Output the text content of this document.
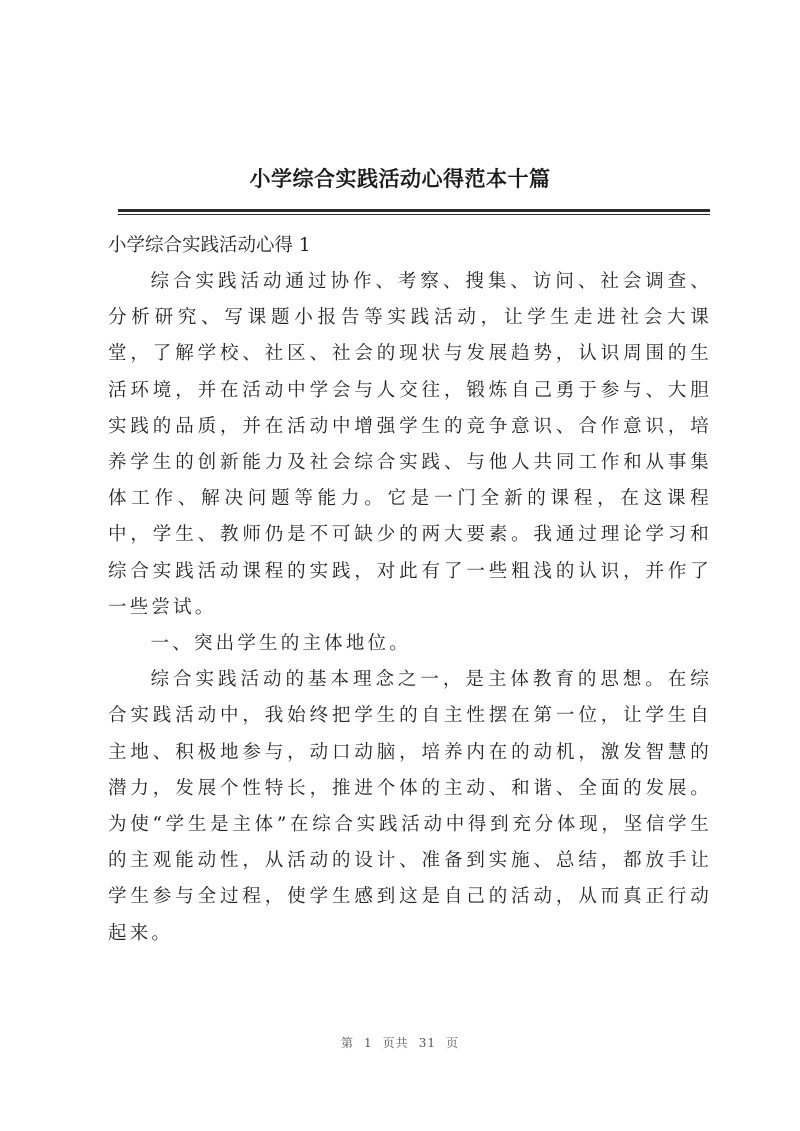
小学综合实践活动心得范本十篇
小学综合实践活动心得 1

综合实践活动通过协作、考察、搜集、访问、社会调查、分析研究、写课题小报告等实践活动，让学生走进社会大课堂，了解学校、社区、社会的现状与发展趋势，认识周围的生活环境，并在活动中学会与人交往，锻炼自己勇于参与、大胆实践的品质，并在活动中增强学生的竞争意识、合作意识，培养学生的创新能力及社会综合实践、与他人共同工作和从事集体工作、解决问题等能力。它是一门全新的课程，在这课程中，学生、教师仍是不可缺少的两大要素。我通过理论学习和综合实践活动课程的实践，对此有了一些粗浅的认识，并作了一些尝试。

一、突出学生的主体地位。

综合实践活动的基本理念之一，是主体教育的思想。在综合实践活动中，我始终把学生的自主性摆在第一位，让学生自主地、积极地参与，动口动脑，培养内在的动机，激发智慧的潜力，发展个性特长，推进个体的主动、和谐、全面的发展。为使“学生是主体”在综合实践活动中得到充分体现，坚信学生的主观能动性，从活动的设计、准备到实施、总结，都放手让学生参与全过程，使学生感到这是自己的活动，从而真正行动起来。

第 1 页共 31 页
